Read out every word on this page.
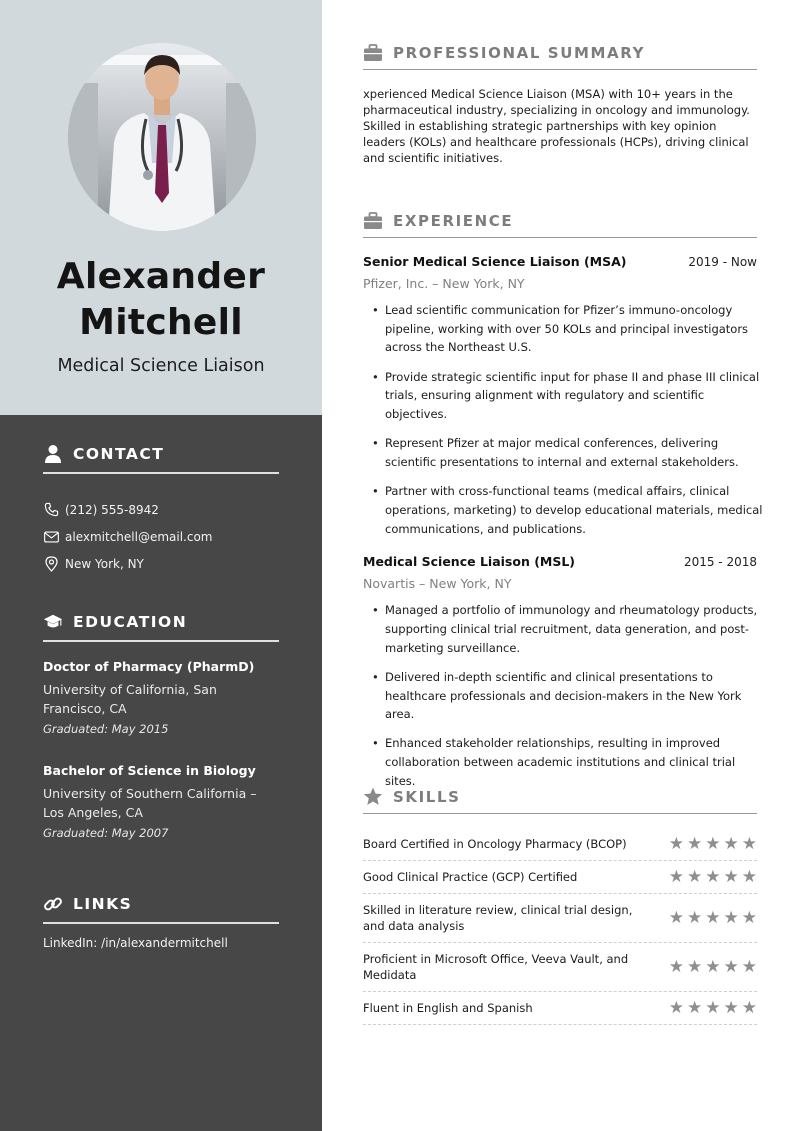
Alexander
Mitchell
Medical Science Liaison
CONTACT
(212) 555-8942
alexmitchell@email.com
New York, NY
EDUCATION
Doctor of Pharmacy (PharmD)
University of California, San Francisco, CA
Graduated: May 2015
Bachelor of Science in Biology
University of Southern California – Los Angeles, CA
Graduated: May 2007
LINKS
LinkedIn: /in/alexandermitchell
PROFESSIONAL SUMMARY

xperienced Medical Science Liaison (MSA) with 10+ years in the pharmaceutical industry, specializing in oncology and immunology. Skilled in establishing strategic partnerships with key opinion leaders (KOLs) and healthcare professionals (HCPs), driving clinical and scientific initiatives.

EXPERIENCE
Senior Medical Science Liaison (MSA)	2019 - Now
Pfizer, Inc. – New York, NY
• Lead scientific communication for Pfizer’s immuno-oncology pipeline, working with over 50 KOLs and principal investigators across the Northeast U.S.
• Provide strategic scientific input for phase II and phase III clinical trials, ensuring alignment with regulatory and scientific objectives.
• Represent Pfizer at major medical conferences, delivering scientific presentations to internal and external stakeholders.
• Partner with cross-functional teams (medical affairs, clinical operations, marketing) to develop educational materials, medical communications, and publications.
Medical Science Liaison (MSL)	2015 - 2018
Novartis – New York, NY
• Managed a portfolio of immunology and rheumatology products, supporting clinical trial recruitment, data generation, and post-marketing surveillance.
• Delivered in-depth scientific and clinical presentations to healthcare professionals and decision-makers in the New York area.
• Enhanced stakeholder relationships, resulting in improved collaboration between academic institutions and clinical trial sites.
SKILLS
Board Certified in Oncology Pharmacy (BCOP)	★ ★ ★ ★ ★
Good Clinical Practice (GCP) Certified	★ ★ ★ ★ ★
Skilled in literature review, clinical trial design, and data analysis	★ ★ ★ ★ ★
Proficient in Microsoft Office, Veeva Vault, and Medidata	★ ★ ★ ★ ★
Fluent in English and Spanish	★ ★ ★ ★ ★
